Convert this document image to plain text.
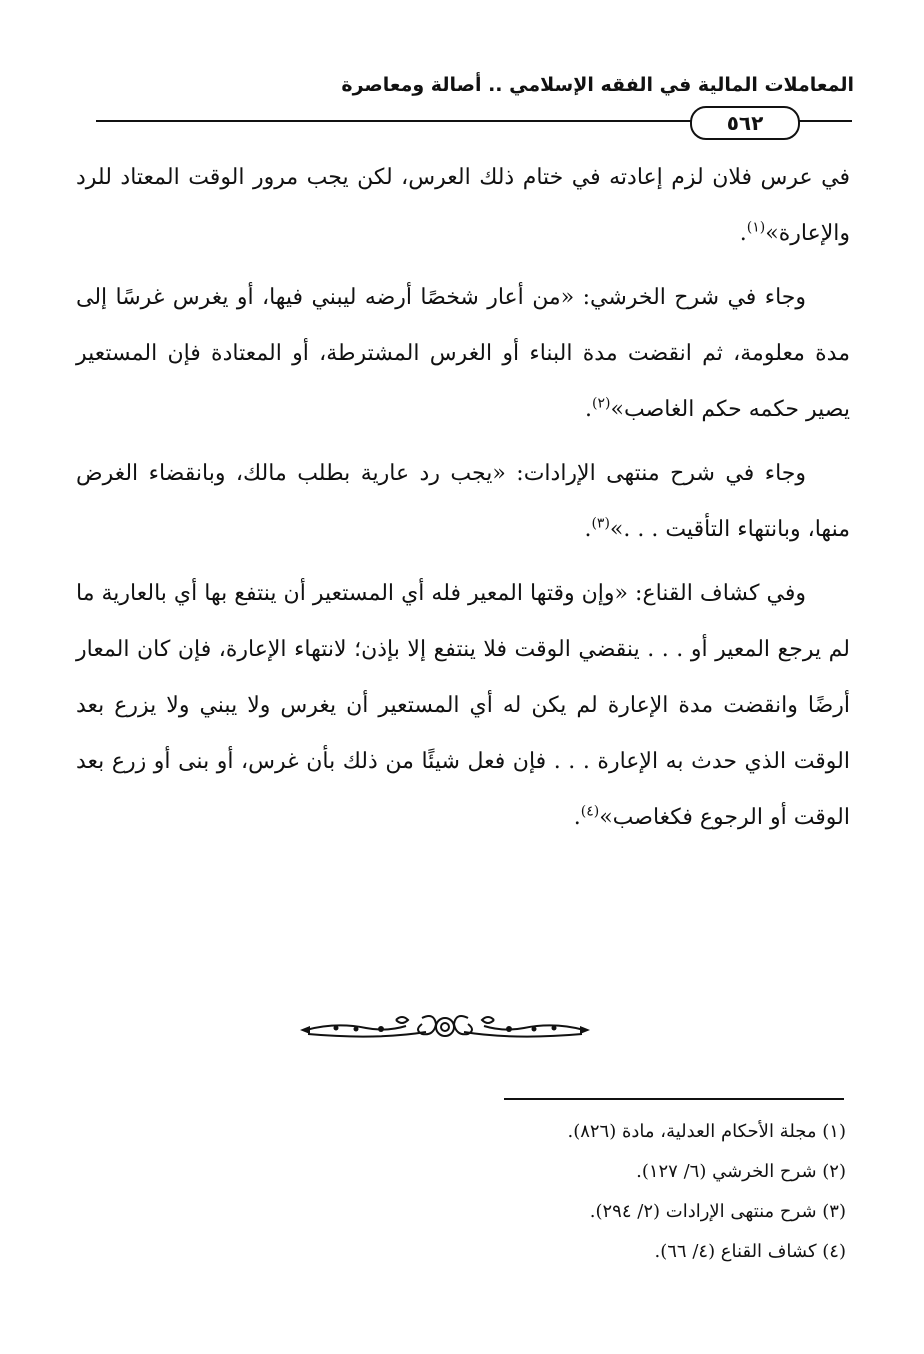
المعاملات المالية في الفقه الإسلامي .. أصالة ومعاصرة
٥٦٢

في عرس فلان لزم إعادته في ختام ذلك العرس، لكن يجب مرور الوقت المعتاد للرد والإعارة»$^{(١)}$.

وجاء في شرح الخرشي: «من أعار شخصًا أرضه ليبني فيها، أو يغرس غرسًا إلى مدة معلومة، ثم انقضت مدة البناء أو الغرس المشترطة، أو المعتادة فإن المستعير يصير حكمه حكم الغاصب»$^{(٢)}$.

وجاء في شرح منتهى الإرادات: «يجب رد عارية بطلب مالك، وبانقضاء الغرض منها، وبانتهاء التأقيت . . .»$^{(٣)}$.

وفي كشاف القناع: «وإن وقتها المعير فله أي المستعير أن ينتفع بها أي بالعارية ما لم يرجع المعير أو . . . ينقضي الوقت فلا ينتفع إلا بإذن؛ لانتهاء الإعارة، فإن كان المعار أرضًا وانقضت مدة الإعارة لم يكن له أي المستعير أن يغرس ولا يبني ولا يزرع بعد الوقت الذي حدث به الإعارة . . . فإن فعل شيئًا من ذلك بأن غرس، أو بنى أو زرع بعد الوقت أو الرجوع فكغاصب»$^{(٤)}$.

(١) مجلة الأحكام العدلية، مادة (٨٢٦).
(٢) شرح الخرشي (٦/ ١٢٧).
(٣) شرح منتهى الإرادات (٢/ ٢٩٤).
(٤) كشاف القناع (٤/ ٦٦).
